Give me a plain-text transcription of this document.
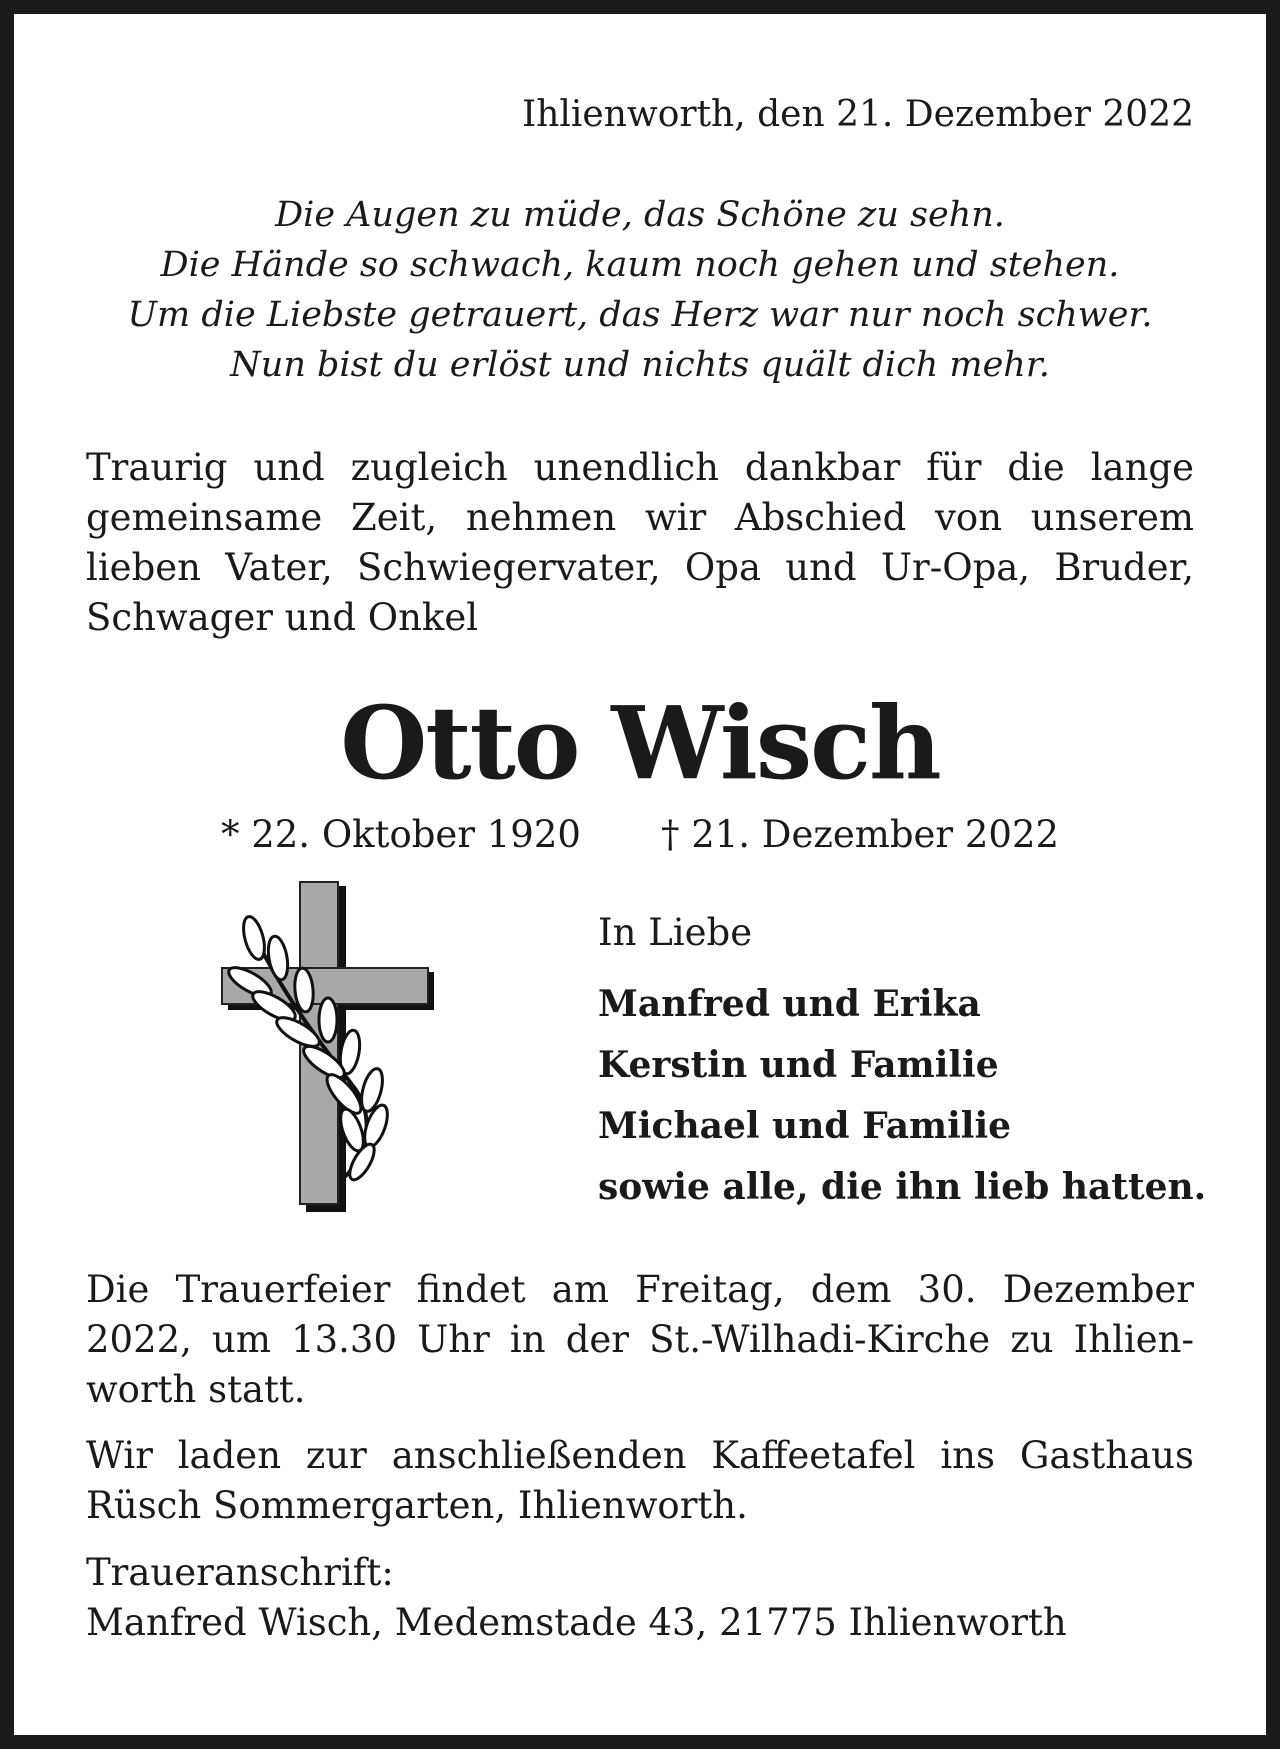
Ihlienworth, den 21. Dezember 2022
Die Augen zu müde, das Schöne zu sehn.
Die Hände so schwach, kaum noch gehen und stehen.
Um die Liebste getrauert, das Herz war nur noch schwer.
Nun bist du erlöst und nichts quält dich mehr.
Traurig und zugleich unendlich dankbar für die lange
gemeinsame Zeit, nehmen wir Abschied von unserem
lieben Vater, Schwiegervater, Opa und Ur-Opa, Bruder,
Schwager und Onkel
Otto Wisch
* 22. Oktober 1920 † 21. Dezember 2022
In Liebe
Manfred und Erika
Kerstin und Familie
Michael und Familie
sowie alle, die ihn lieb hatten.
Die Trauerfeier findet am Freitag, dem 30. Dezember
2022, um 13.30 Uhr in der St.-Wilhadi-Kirche zu Ihlien-
worth statt.
Wir laden zur anschließenden Kaffeetafel ins Gasthaus
Rüsch Sommergarten, Ihlienworth.
Traueranschrift:
Manfred Wisch, Medemstade 43, 21775 Ihlienworth
